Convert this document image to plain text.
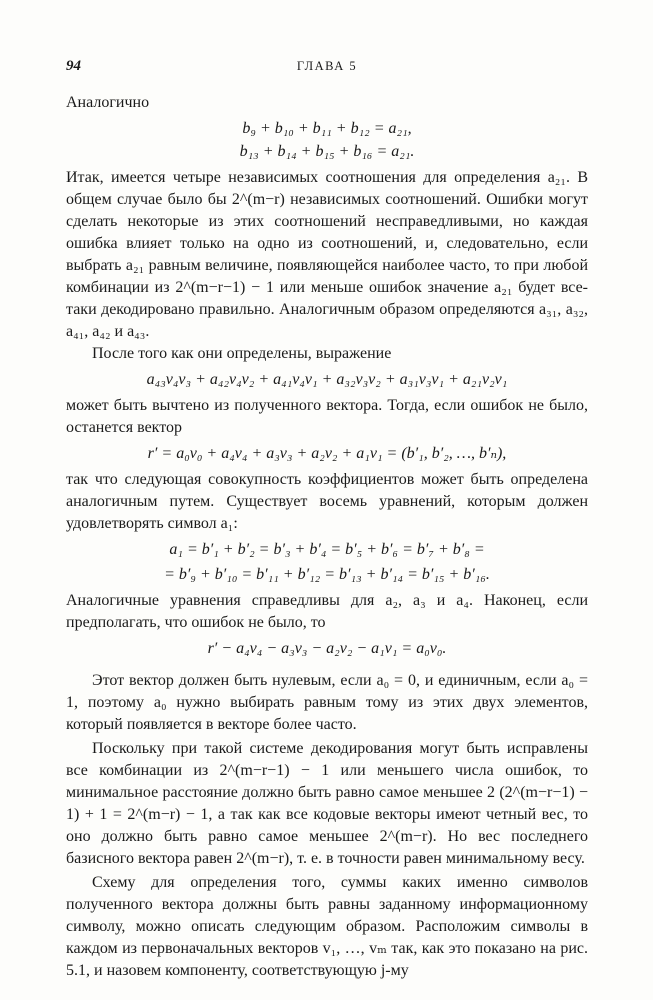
94	ГЛАВА 5

Аналогично

b₉ + b₁₀ + b₁₁ + b₁₂ = a₂₁,
b₁₃ + b₁₄ + b₁₅ + b₁₆ = a₂₁.

Итак, имеется четыре независимых соотношения для определения a₂₁. В общем случае было бы 2^(m−r) независимых соотношений. Ошибки могут сделать некоторые из этих соотношений несправедливыми, но каждая ошибка влияет только на одно из соотношений, и, следовательно, если выбрать a₂₁ равным величине, появляющейся наиболее часто, то при любой комбинации из 2^(m−r−1) − 1 или меньше ошибок значение a₂₁ будет все-таки декодировано правильно. Аналогичным образом определяются a₃₁, a₃₂, a₄₁, a₄₂ и a₄₃.

После того как они определены, выражение

a₄₃v₄v₃ + a₄₂v₄v₂ + a₄₁v₄v₁ + a₃₂v₃v₂ + a₃₁v₃v₁ + a₂₁v₂v₁

может быть вычтено из полученного вектора. Тогда, если ошибок не было, останется вектор

r′ = a₀v₀ + a₄v₄ + a₃v₃ + a₂v₂ + a₁v₁ = (b′₁, b′₂, …, b′ₙ),

так что следующая совокупность коэффициентов может быть определена аналогичным путем. Существует восемь уравнений, которым должен удовлетворять символ a₁:

a₁ = b′₁ + b′₂ = b′₃ + b′₄ = b′₅ + b′₆ = b′₇ + b′₈ =
= b′₉ + b′₁₀ = b′₁₁ + b′₁₂ = b′₁₃ + b′₁₄ = b′₁₅ + b′₁₆.

Аналогичные уравнения справедливы для a₂, a₃ и a₄. Наконец, если предполагать, что ошибок не было, то

r′ − a₄v₄ − a₃v₃ − a₂v₂ − a₁v₁ = a₀v₀.

Этот вектор должен быть нулевым, если a₀ = 0, и единичным, если a₀ = 1, поэтому a₀ нужно выбирать равным тому из этих двух элементов, который появляется в векторе более часто.

Поскольку при такой системе декодирования могут быть исправлены все комбинации из 2^(m−r−1) − 1 или меньшего числа ошибок, то минимальное расстояние должно быть равно самое меньшее 2 (2^(m−r−1) − 1) + 1 = 2^(m−r) − 1, а так как все кодовые векторы имеют четный вес, то оно должно быть равно самое меньшее 2^(m−r). Но вес последнего базисного вектора равен 2^(m−r), т. е. в точности равен минимальному весу.

Схему для определения того, суммы каких именно символов полученного вектора должны быть равны заданному информационному символу, можно описать следующим образом. Расположим символы в каждом из первоначальных векторов v₁, …, vₘ так, как это показано на рис. 5.1, и назовем компоненту, соответствующую j-му
